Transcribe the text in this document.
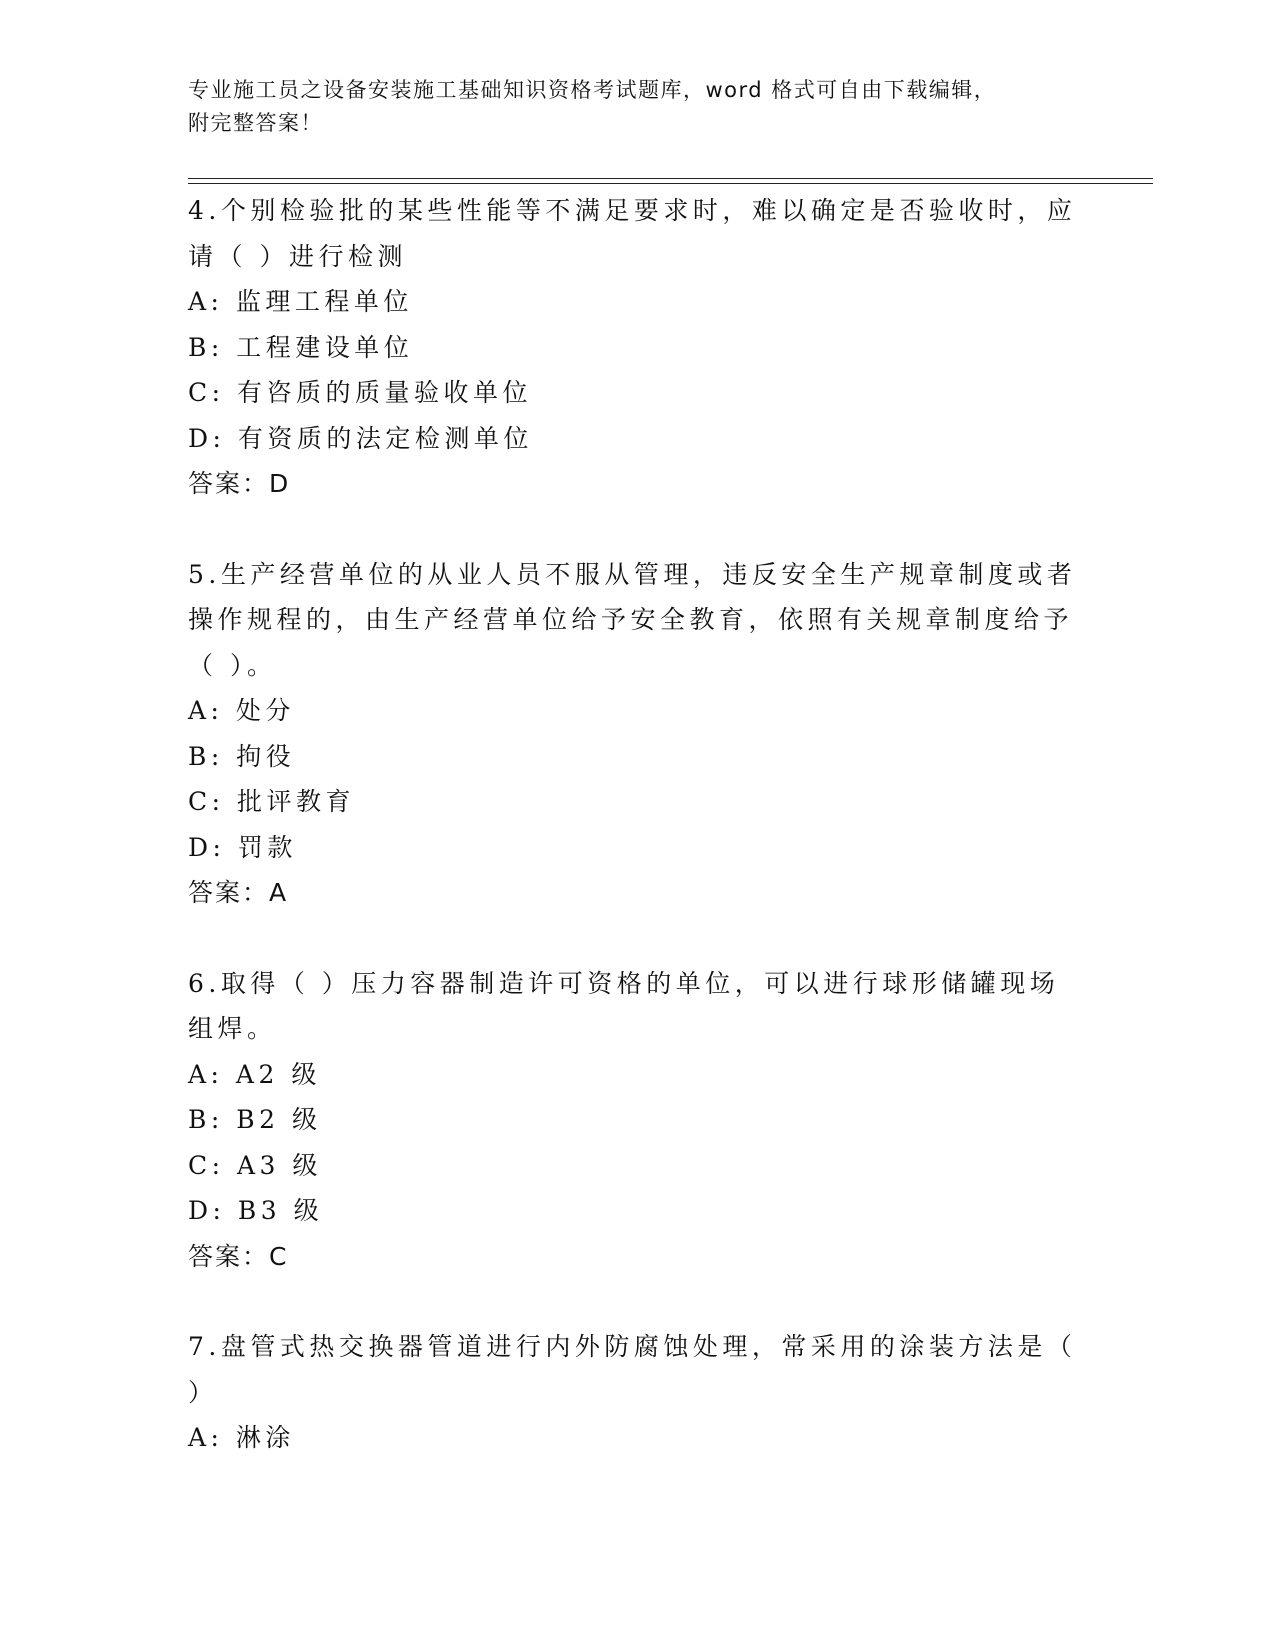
专业施工员之设备安装施工基础知识资格考试题库，word 格式可自由下载编辑，
附完整答案！
4.个别检验批的某些性能等不满足要求时，难以确定是否验收时，应请（ ）进行检测
A: 监理工程单位
B: 工程建设单位
C: 有咨质的质量验收单位
D: 有资质的法定检测单位
答案：D
5.生产经营单位的从业人员不服从管理，违反安全生产规章制度或者操作规程的，由生产经营单位给予安全教育，依照有关规章制度给予（ ）。
A: 处分
B: 拘役
C: 批评教育
D: 罚款
答案：A
6.取得（ ）压力容器制造许可资格的单位，可以进行球形储罐现场组焊。
A: A2 级
B: B2 级
C: A3 级
D: B3 级
答案：C
7.盘管式热交换器管道进行内外防腐蚀处理，常采用的涂装方法是（ ）
A: 淋涂
